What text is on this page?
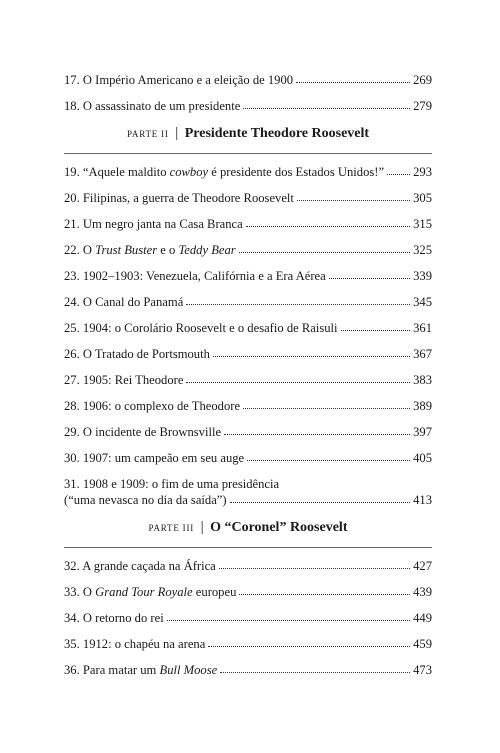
17. O Império Americano e a eleição de 1900	269
18. O assassinato de um presidente	279
PARTE II | Presidente Theodore Roosevelt
19. “Aquele maldito cowboy é presidente dos Estados Unidos!” 293
20. Filipinas, a guerra de Theodore Roosevelt	305
21. Um negro janta na Casa Branca	315
22. O Trust Buster e o Teddy Bear	325
23. 1902–1903: Venezuela, Califórnia e a Era Aérea	339
24. O Canal do Panamá	345
25. 1904: o Corolário Roosevelt e o desafio de Raisuli	361
26. O Tratado de Portsmouth	367
27. 1905: Rei Theodore	383
28. 1906: o complexo de Theodore	389
29. O incidente de Brownsville	397
30. 1907: um campeão em seu auge	405
31. 1908 e 1909: o fim de uma presidência
(“uma nevasca no dia da saída”)	413
PARTE III | O “Coronel” Roosevelt
32. A grande caçada na África	427
33. O Grand Tour Royale europeu	439
34. O retorno do rei	449
35. 1912: o chapéu na arena	459
36. Para matar um Bull Moose	473
